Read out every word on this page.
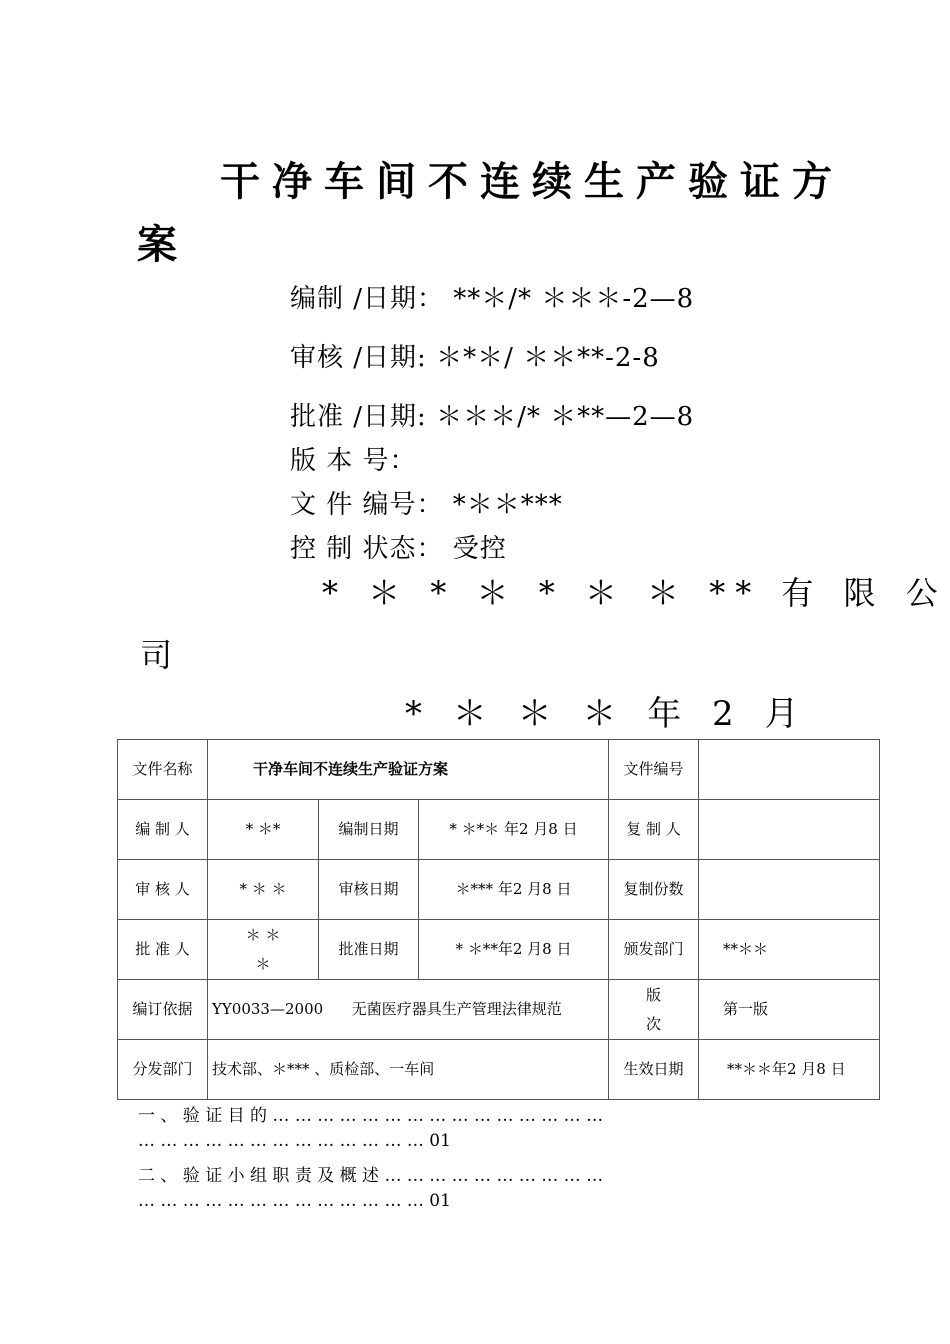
干净车间不连续生产验证方
案
编制 /日期： **＊/* ＊＊＊-2—8
审核 /日期: ＊*＊/ ＊＊**-2-8
批准 /日期: ＊＊＊/* ＊**—2—8
版 本 号：
文 件 编号： *＊＊***
控 制 状态： 受控
* ＊ * ＊ * ＊ ＊ ** 有 限 公
司
* ＊ ＊ ＊ 年 2 月
文件名称	干净车间不连续生产验证方案			文件编号	
编 制 人	* ＊*	编制日期	* ＊*＊ 年2 月8 日	复 制 人	
审 核 人	* ＊ ＊	审核日期	＊*** 年2 月8 日	复制份数	
批 准 人	＊ ＊ ＊	批准日期	* ＊**年2 月8 日	颁发部门	**＊＊
编订依据	YY0033—2000      无菌医疗器具生产管理法律规范			版 次	第一版
分发部门	技术部、＊*** 、质检部、一车间			生效日期	**＊＊年2 月8 日
一 、 验 证 目 的 … … … … … … … … … … … … … … …
… … … … … … … … … … … … … 01
二 、 验 证 小 组 职 责 及 概 述 … … … … … … … … … …
… … … … … … … … … … … … … 01
